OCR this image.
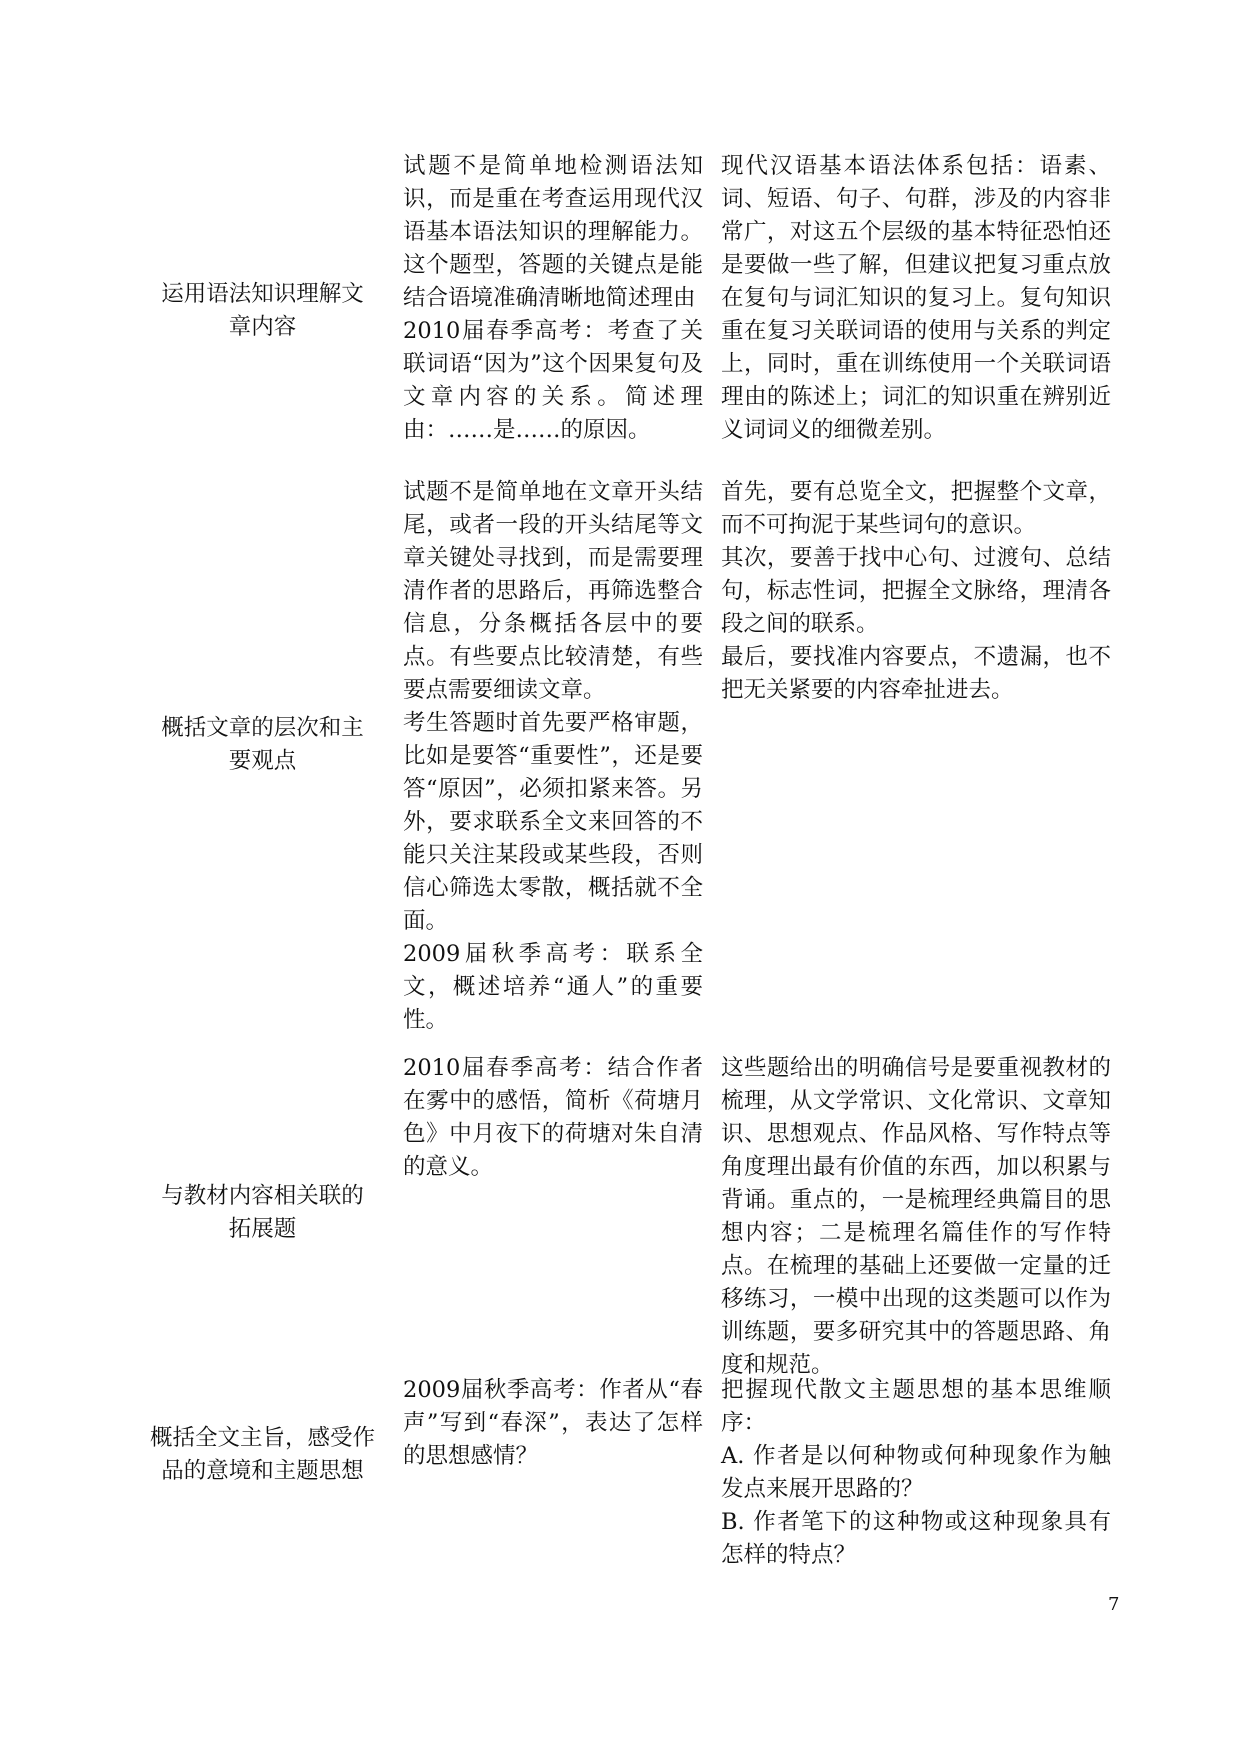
运用语法知识理解文
章内容

试题不是简单地检测语法知识，而是重在考查运用现代汉语基本语法知识的理解能力。这个题型，答题的关键点是能结合语境准确清晰地简述理由

2010届春季高考：考查了关联词语“因为”这个因果复句及文章内容的关系。简述理由：……是……的原因。

现代汉语基本语法体系包括：语素、词、短语、句子、句群，涉及的内容非常广，对这五个层级的基本特征恐怕还是要做一些了解，但建议把复习重点放在复句与词汇知识的复习上。复句知识重在复习关联词语的使用与关系的判定上，同时，重在训练使用一个关联词语理由的陈述上；词汇的知识重在辨别近义词词义的细微差别。

概括文章的层次和主
要观点

试题不是简单地在文章开头结尾，或者一段的开头结尾等文章关键处寻找到，而是需要理清作者的思路后，再筛选整合信息，分条概括各层中的要点。有些要点比较清楚，有些要点需要细读文章。

考生答题时首先要严格审题，比如是要答“重要性”，还是要答“原因”，必须扣紧来答。另外，要求联系全文来回答的不能只关注某段或某些段，否则信心筛选太零散，概括就不全面。

2009届秋季高考：联系全文，概述培养“通人”的重要性。

首先，要有总览全文，把握整个文章，而不可拘泥于某些词句的意识。

其次，要善于找中心句、过渡句、总结句，标志性词，把握全文脉络，理清各段之间的联系。

最后，要找准内容要点，不遗漏，也不把无关紧要的内容牵扯进去。

与教材内容相关联的
拓展题

2010届春季高考：结合作者在雾中的感悟，简析《荷塘月色》中月夜下的荷塘对朱自清的意义。

这些题给出的明确信号是要重视教材的梳理，从文学常识、文化常识、文章知识、思想观点、作品风格、写作特点等角度理出最有价值的东西，加以积累与背诵。重点的，一是梳理经典篇目的思想内容；二是梳理名篇佳作的写作特点。在梳理的基础上还要做一定量的迁移练习，一模中出现的这类题可以作为训练题，要多研究其中的答题思路、角度和规范。

概括全文主旨，感受作
品的意境和主题思想

2009届秋季高考：作者从“春声”写到“春深”，表达了怎样的思想感情？

把握现代散文主题思想的基本思维顺序：

A. 作者是以何种物或何种现象作为触发点来展开思路的？

B. 作者笔下的这种物或这种现象具有怎样的特点？

7
